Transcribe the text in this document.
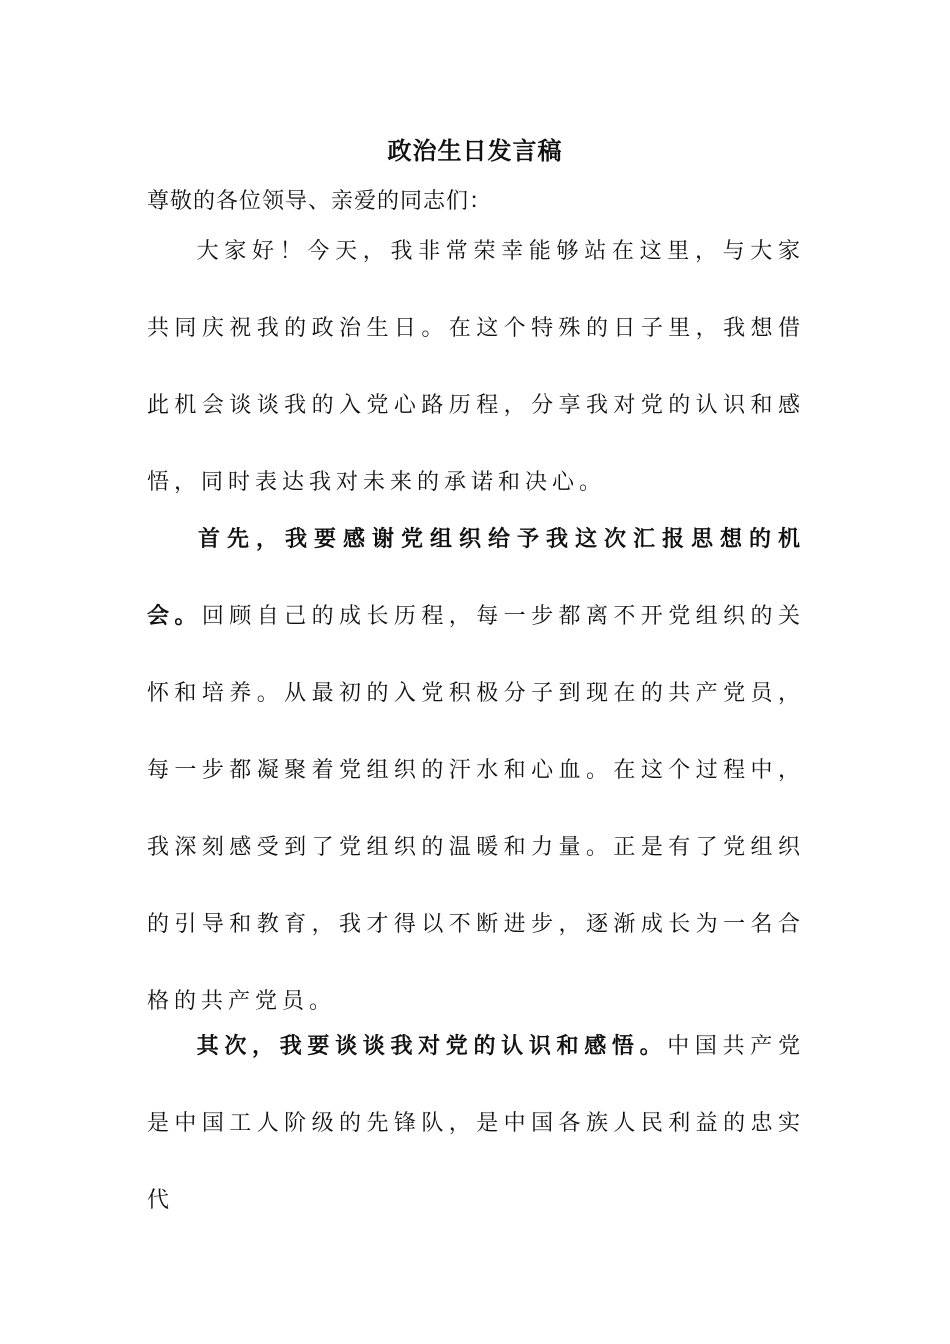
政治生日发言稿

尊敬的各位领导、亲爱的同志们：

大家好！今天，我非常荣幸能够站在这里，与大家共同庆祝我的政治生日。在这个特殊的日子里，我想借此机会谈谈我的入党心路历程，分享我对党的认识和感悟，同时表达我对未来的承诺和决心。

首先，我要感谢党组织给予我这次汇报思想的机会。回顾自己的成长历程，每一步都离不开党组织的关怀和培养。从最初的入党积极分子到现在的共产党员，每一步都凝聚着党组织的汗水和心血。在这个过程中，我深刻感受到了党组织的温暖和力量。正是有了党组织的引导和教育，我才得以不断进步，逐渐成长为一名合格的共产党员。

其次，我要谈谈我对党的认识和感悟。中国共产党是中国工人阶级的先锋队，是中国各族人民利益的忠实代
